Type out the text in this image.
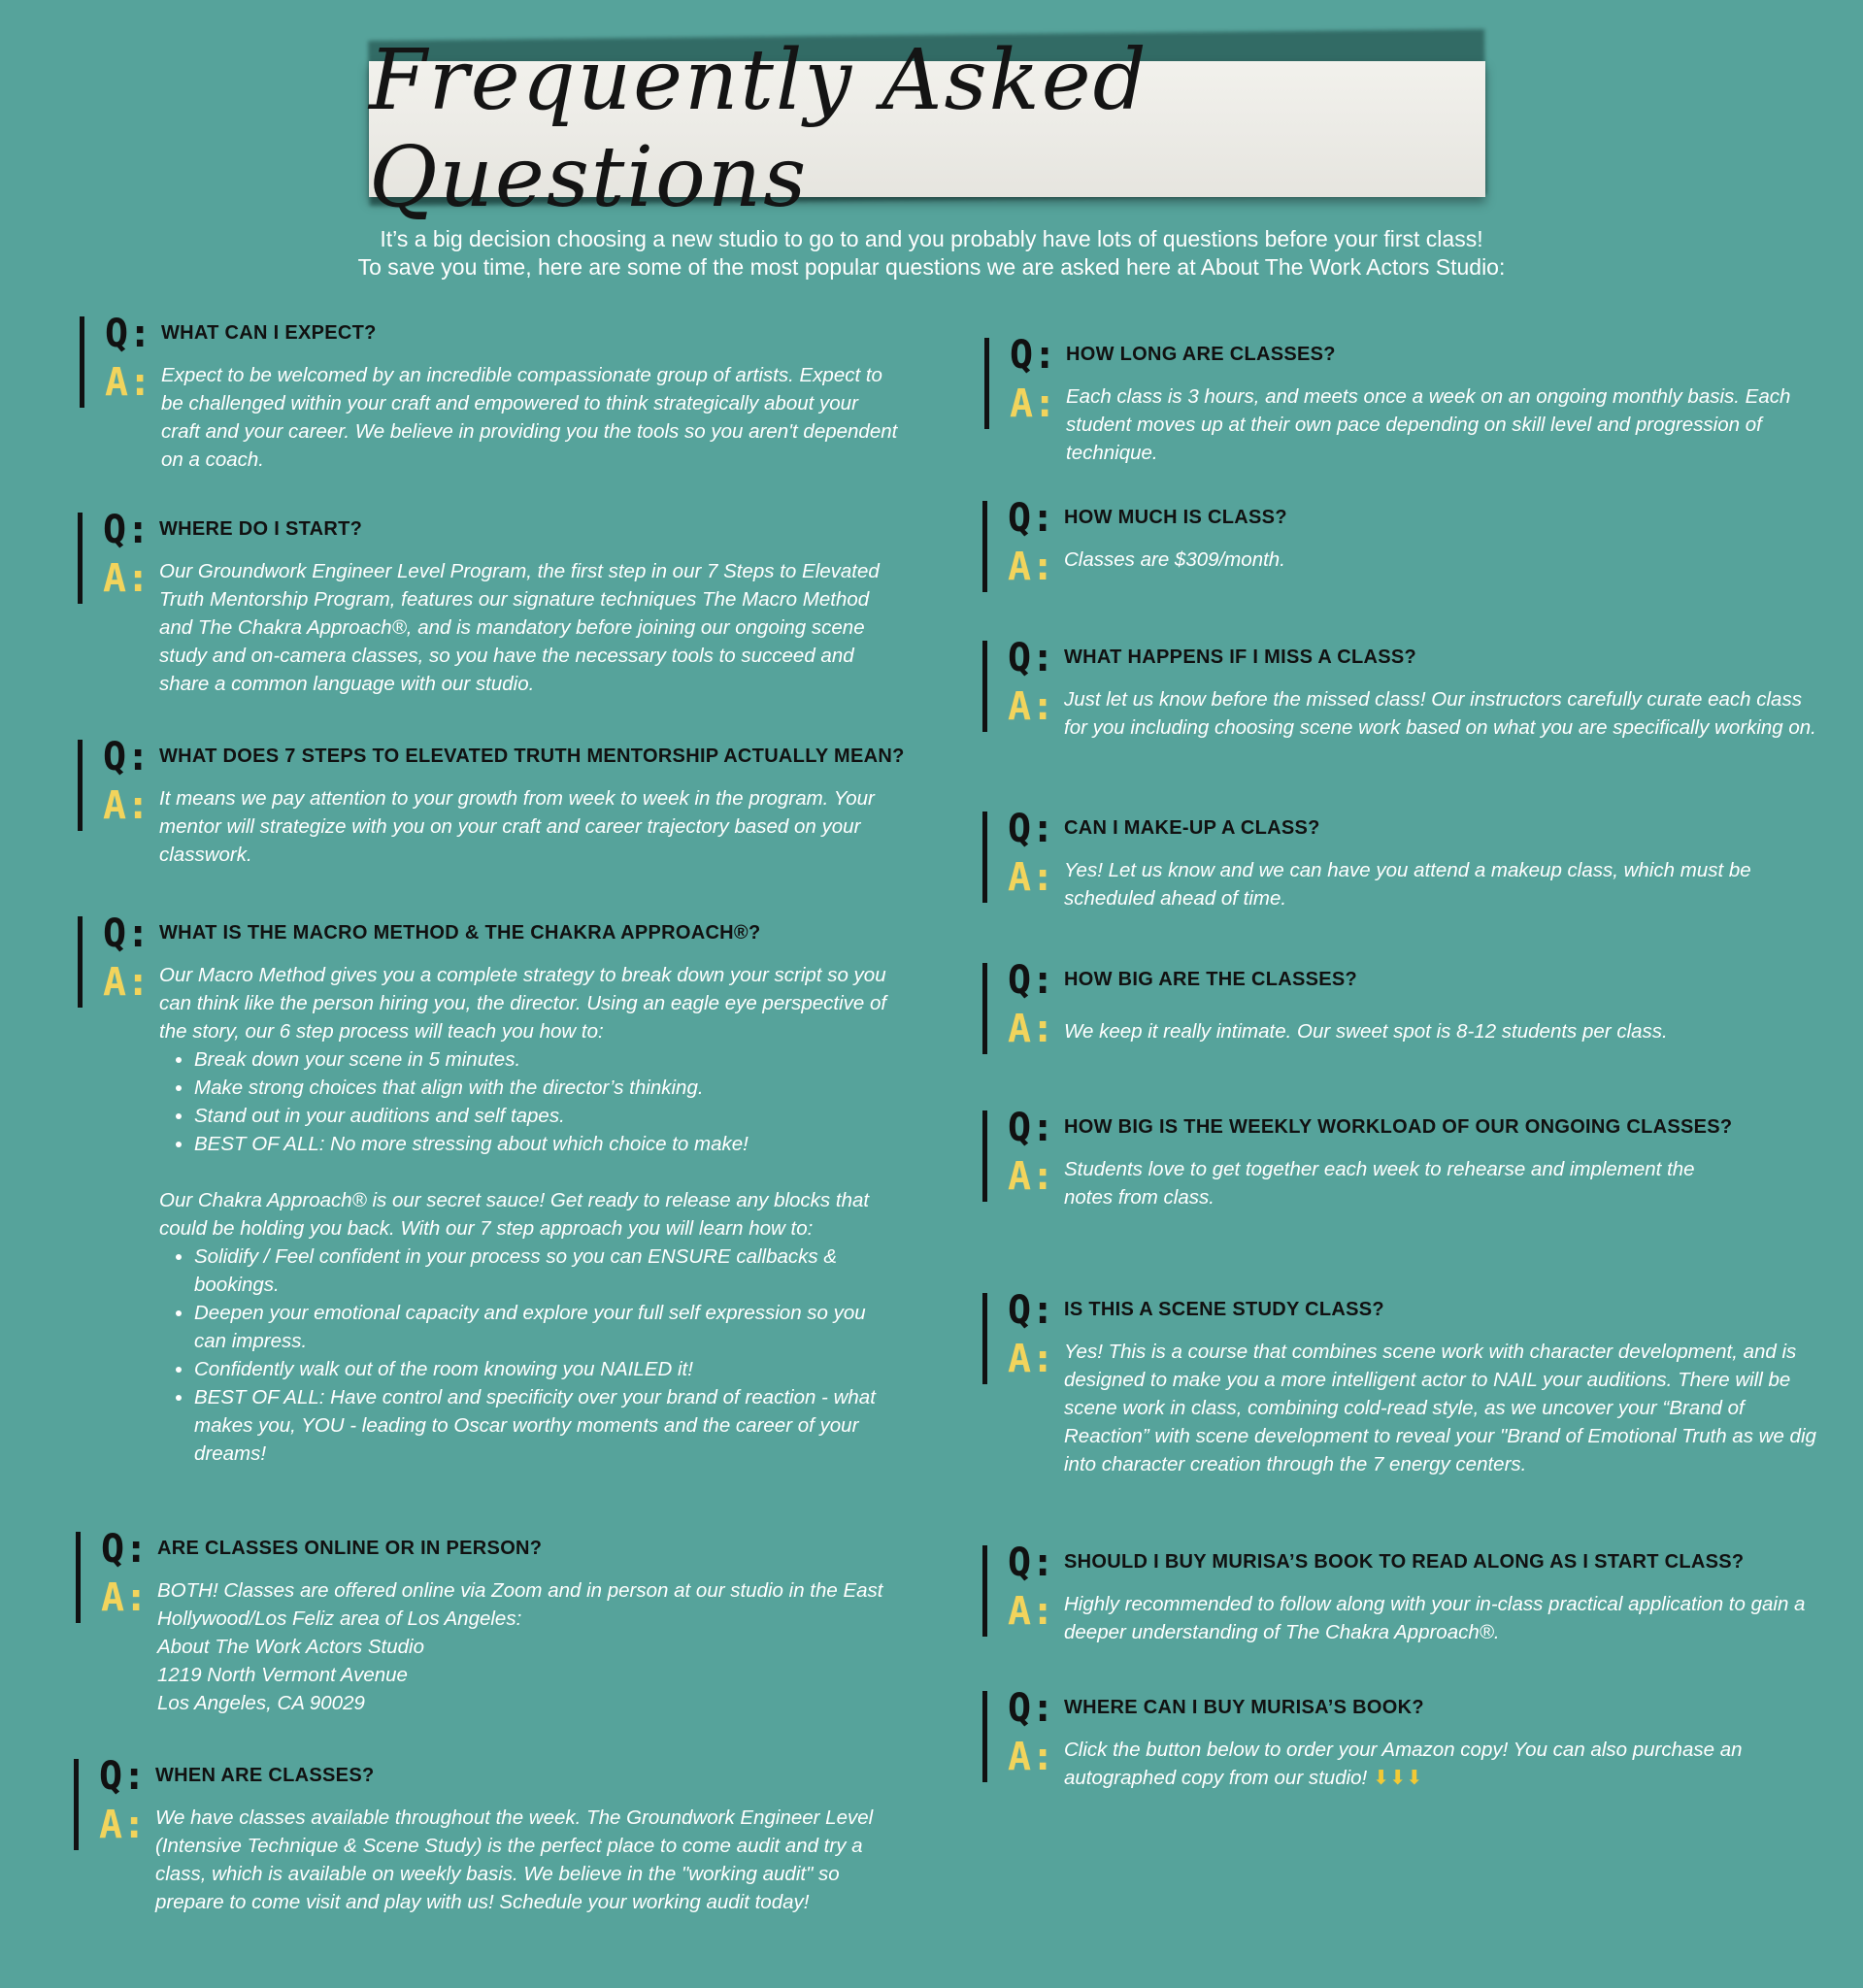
Frequently Asked Questions
It’s a big decision choosing a new studio to go to and you probably have lots of questions before your first class!
To save you time, here are some of the most popular questions we are asked here at About The Work Actors Studio:
Q:
A:
WHAT CAN I EXPECT?
Expect to be welcomed by an incredible compassionate group of artists. Expect to be challenged within your craft and empowered to think strategically about your craft and your career. We believe in providing you the tools so you aren't dependent on a coach.
Q:
A:
WHERE DO I START?
Our Groundwork Engineer Level Program, the first step in our 7 Steps to Elevated Truth Mentorship Program, features our signature techniques The Macro Method and The Chakra Approach®, and is mandatory before joining our ongoing scene study and on-camera classes, so you have the necessary tools to succeed and share a common language with our studio.
Q:
A:
WHAT DOES 7 STEPS TO ELEVATED TRUTH MENTORSHIP ACTUALLY MEAN?
It means we pay attention to your growth from week to week in the program. Your mentor will strategize with you on your craft and career trajectory based on your classwork.
Q:
A:
WHAT IS THE MACRO METHOD & THE CHAKRA APPROACH®?

Our Macro Method gives you a complete strategy to break down your script so you can think like the person hiring you, the director. Using an eagle eye perspective of the story, our 6 step process will teach you how to:

• Break down your scene in 5 minutes.
• Make strong choices that align with the director’s thinking.
• Stand out in your auditions and self tapes.
• BEST OF ALL: No more stressing about which choice to make!

Our Chakra Approach® is our secret sauce! Get ready to release any blocks that could be holding you back. With our 7 step approach you will learn how to:

• Solidify / Feel confident in your process so you can ENSURE callbacks & bookings.
• Deepen your emotional capacity and explore your full self expression so you can impress.
• Confidently walk out of the room knowing you NAILED it!
• BEST OF ALL: Have control and specificity over your brand of reaction - what makes you, YOU - leading to Oscar worthy moments and the career of your dreams!
Q:
A:
ARE CLASSES ONLINE OR IN PERSON?

BOTH! Classes are offered online via Zoom and in person at our studio in the East Hollywood/Los Feliz area of Los Angeles:

About The Work Actors Studio

1219 North Vermont Avenue

Los Angeles, CA 90029

Q:
A:
WHEN ARE CLASSES?
We have classes available throughout the week. The Groundwork Engineer Level (Intensive Technique & Scene Study) is the perfect place to come audit and try a class, which is available on weekly basis. We believe in the "working audit" so prepare to come visit and play with us! Schedule your working audit today!
Q:
A:
HOW LONG ARE CLASSES?
Each class is 3 hours, and meets once a week on an ongoing monthly basis. Each student moves up at their own pace depending on skill level and progression of technique.
Q:
A:
HOW MUCH IS CLASS?
Classes are $309/month.
Q:
A:
WHAT HAPPENS IF I MISS A CLASS?
Just let us know before the missed class! Our instructors carefully curate each class for you including choosing scene work based on what you are specifically working on.
Q:
A:
CAN I MAKE-UP A CLASS?
Yes! Let us know and we can have you attend a makeup class, which must be scheduled ahead of time.
Q:
A:
HOW BIG ARE THE CLASSES?
We keep it really intimate. Our sweet spot is 8-12 students per class.
Q:
A:
HOW BIG IS THE WEEKLY WORKLOAD OF OUR ONGOING CLASSES?
Students love to get together each week to rehearse and implement the notes from class.
Q:
A:
IS THIS A SCENE STUDY CLASS?
Yes! This is a course that combines scene work with character development, and is designed to make you a more intelligent actor to NAIL your auditions. There will be scene work in class, combining cold-read style, as we uncover your “Brand of Reaction” with scene development to reveal your "Brand of Emotional Truth as we dig into character creation through the 7 energy centers.
Q:
A:
SHOULD I BUY MURISA’S BOOK TO READ ALONG AS I START CLASS?
Highly recommended to follow along with your in-class practical application to gain a deeper understanding of The Chakra Approach®.
Q:
A:
WHERE CAN I BUY MURISA’S BOOK?
Click the button below to order your Amazon copy! You can also purchase an autographed copy from our studio! ⬇⬇⬇
